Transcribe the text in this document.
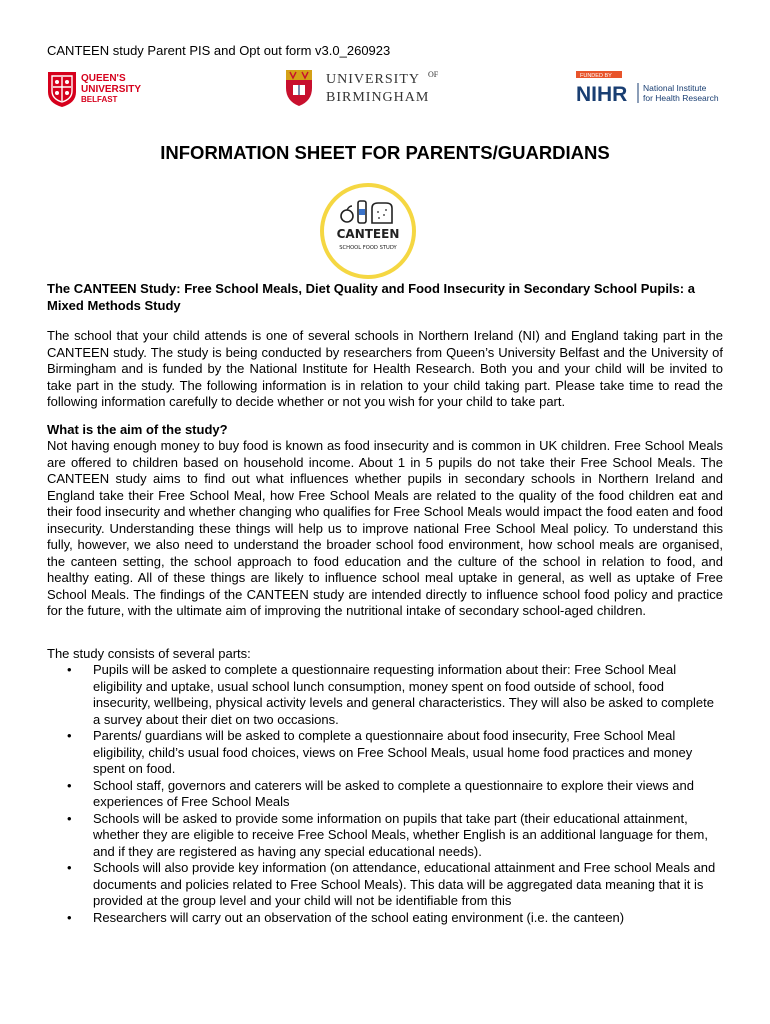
CANTEEN study Parent PIS and Opt out form v3.0_260923
QUEEN'S
UNIVERSITY
BELFAST
UNIVERSITY OF
BIRMINGHAM
FUNDED BY
NIHR National Institute
for Health Research
INFORMATION SHEET FOR PARENTS/GUARDIANS
CANTEEN
SCHOOL FOOD STUDY

The CANTEEN Study: Free School Meals, Diet Quality and Food Insecurity in Secondary School Pupils: a Mixed Methods Study

The school that your child attends is one of several schools in Northern Ireland (NI) and England taking part in the CANTEEN study. The study is being conducted by researchers from Queen’s University Belfast and the University of Birmingham and is funded by the National Institute for Health Research. Both you and your child will be invited to take part in the study. The following information is in relation to your child taking part. Please take time to read the following information carefully to decide whether or not you wish for your child to take part.

What is the aim of the study?

Not having enough money to buy food is known as food insecurity and is common in UK children. Free School Meals are offered to children based on household income. About 1 in 5 pupils do not take their Free School Meals. The CANTEEN study aims to find out what influences whether pupils in secondary schools in Northern Ireland and England take their Free School Meal, how Free School Meals are related to the quality of the food children eat and their food insecurity and whether changing who qualifies for Free School Meals would impact the food eaten and food insecurity. Understanding these things will help us to improve national Free School Meal policy. To understand this fully, however, we also need to understand the broader school food environment, how school meals are organised, the canteen setting, the school approach to food education and the culture of the school in relation to food, and healthy eating. All of these things are likely to influence school meal uptake in general, as well as uptake of Free School Meals. The findings of the CANTEEN study are intended directly to influence school food policy and practice for the future, with the ultimate aim of improving the nutritional intake of secondary school-aged children.

The study consists of several parts:

• Pupils will be asked to complete a questionnaire requesting information about their: Free School Meal eligibility and uptake, usual school lunch consumption, money spent on food outside of school, food insecurity, wellbeing, physical activity levels and general characteristics. They will also be asked to complete a survey about their diet on two occasions.
• Parents/ guardians will be asked to complete a questionnaire about food insecurity, Free School Meal eligibility, child’s usual food choices, views on Free School Meals, usual home food practices and money spent on food.
• School staff, governors and caterers will be asked to complete a questionnaire to explore their views and experiences of Free School Meals
• Schools will be asked to provide some information on pupils that take part (their educational attainment, whether they are eligible to receive Free School Meals, whether English is an additional language for them, and if they are registered as having any special educational needs).
• Schools will also provide key information (on attendance, educational attainment and Free school Meals and documents and policies related to Free School Meals). This data will be aggregated data meaning that it is provided at the group level and your child will not be identifiable from this
• Researchers will carry out an observation of the school eating environment (i.e. the canteen)
